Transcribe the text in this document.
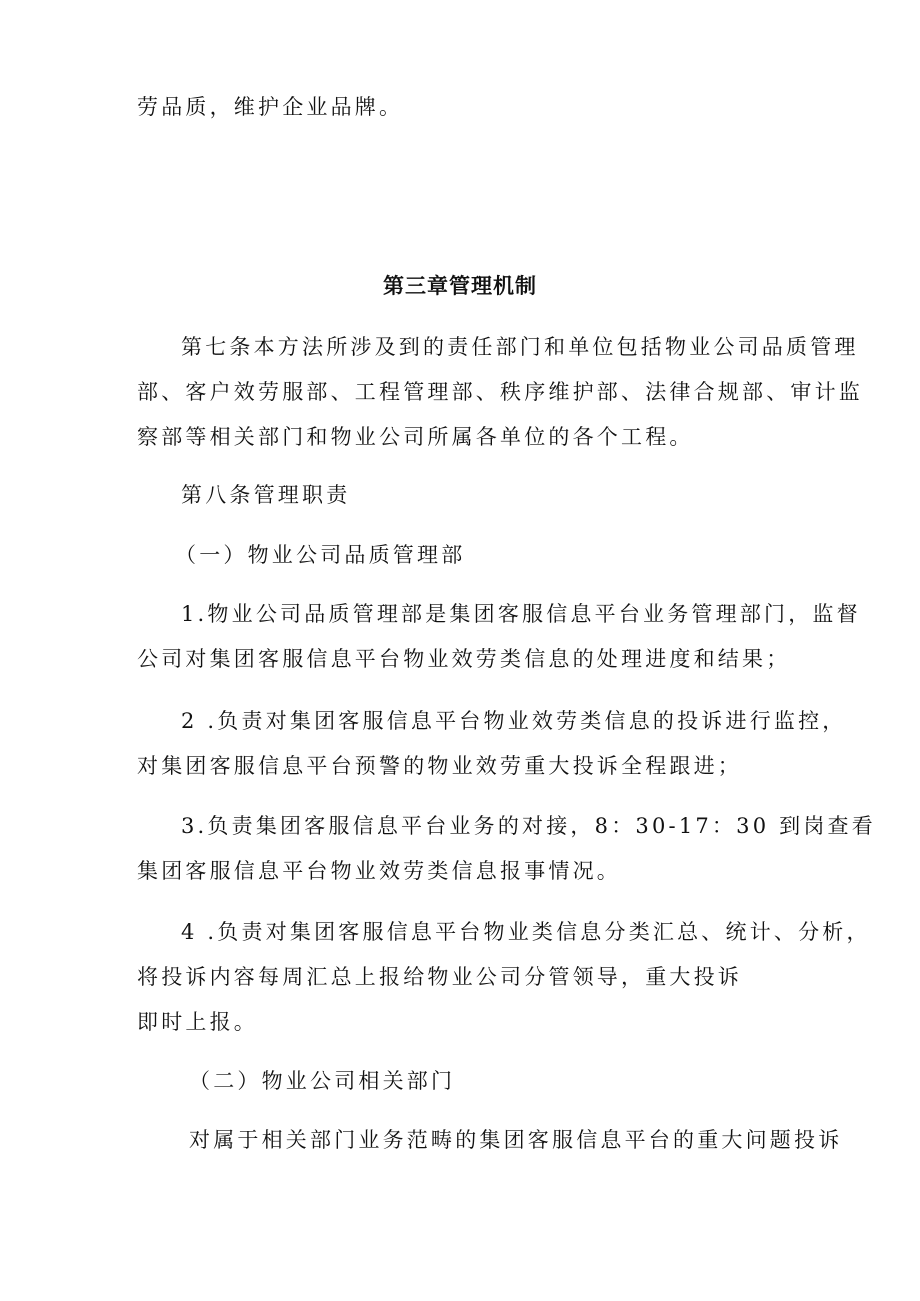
劳品质，维护企业品牌。
第三章管理机制
第七条本方法所涉及到的责任部门和单位包括物业公司品质管理
部、客户效劳服部、工程管理部、秩序维护部、法律合规部、审计监
察部等相关部门和物业公司所属各单位的各个工程。
第八条管理职责
（一）物业公司品质管理部
1.物业公司品质管理部是集团客服信息平台业务管理部门，监督
公司对集团客服信息平台物业效劳类信息的处理进度和结果；
2 .负责对集团客服信息平台物业效劳类信息的投诉进行监控，
对集团客服信息平台预警的物业效劳重大投诉全程跟进；
3.负责集团客服信息平台业务的对接，8：30-17：30 到岗查看
集团客服信息平台物业效劳类信息报事情况。
4 .负责对集团客服信息平台物业类信息分类汇总、统计、分析，
将投诉内容每周汇总上报给物业公司分管领导，重大投诉
即时上报。
（二）物业公司相关部门
对属于相关部门业务范畴的集团客服信息平台的重大问题投诉
